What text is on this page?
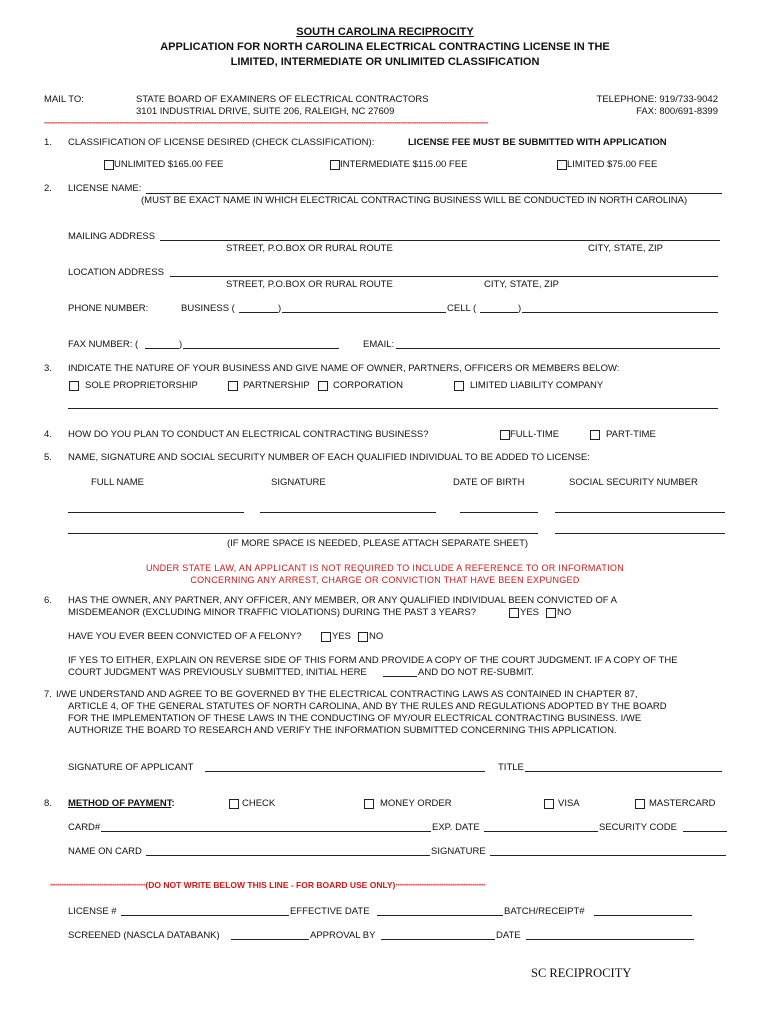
SOUTH CAROLINA RECIPROCITY
APPLICATION FOR NORTH CAROLINA ELECTRICAL CONTRACTING LICENSE IN THE
LIMITED, INTERMEDIATE OR UNLIMITED CLASSIFICATION
MAIL TO:	STATE BOARD OF EXAMINERS OF ELECTRICAL CONTRACTORS
3101 INDUSTRIAL DRIVE, SUITE 206, RALEIGH, NC 27609
TELEPHONE: 919/733-9042
FAX: 800/691-8399
**************************************************************************************************************************************************************************************************************************************************
1. CLASSIFICATION OF LICENSE DESIRED (CHECK CLASSIFICATION):	LICENSE FEE MUST BE SUBMITTED WITH APPLICATION
UNLIMITED $165.00 FEE	INTERMEDIATE $115.00 FEE	LIMITED $75.00 FEE
2. LICENSE NAME:
(MUST BE EXACT NAME IN WHICH ELECTRICAL CONTRACTING BUSINESS WILL BE CONDUCTED IN NORTH CAROLINA)
MAILING ADDRESS
STREET, P.O.BOX OR RURAL ROUTE	CITY, STATE, ZIP
LOCATION ADDRESS
STREET, P.O.BOX OR RURAL ROUTE	CITY, STATE, ZIP
PHONE NUMBER:	BUSINESS (	)	CELL (	)
FAX NUMBER: (	)	EMAIL:
3. INDICATE THE NATURE OF YOUR BUSINESS AND GIVE NAME OF OWNER, PARTNERS, OFFICERS OR MEMBERS BELOW:
SOLE PROPRIETORSHIP	PARTNERSHIP CORPORATION	LIMITED LIABILITY COMPANY
4. HOW DO YOU PLAN TO CONDUCT AN ELECTRICAL CONTRACTING BUSINESS?	FULL-TIME	PART-TIME
5. NAME, SIGNATURE AND SOCIAL SECURITY NUMBER OF EACH QUALIFIED INDIVIDUAL TO BE ADDED TO LICENSE:
FULL NAME	SIGNATURE	DATE OF BIRTH	SOCIAL SECURITY NUMBER
(IF MORE SPACE IS NEEDED, PLEASE ATTACH SEPARATE SHEET)
UNDER STATE LAW, AN APPLICANT IS NOT REQUIRED TO INCLUDE A REFERENCE TO OR INFORMATION
CONCERNING ANY ARREST, CHARGE OR CONVICTION THAT HAVE BEEN EXPUNGED
6. HAS THE OWNER, ANY PARTNER, ANY OFFICER, ANY MEMBER, OR ANY QUALIFIED INDIVIDUAL BEEN CONVICTED OF A
MISDEMEANOR (EXCLUDING MINOR TRAFFIC VIOLATIONS) DURING THE PAST 3 YEARS?	YES NO
HAVE YOU EVER BEEN CONVICTED OF A FELONY?	YES NO
IF YES TO EITHER, EXPLAIN ON REVERSE SIDE OF THIS FORM AND PROVIDE A COPY OF THE COURT JUDGMENT. IF A COPY OF THE
COURT JUDGMENT WAS PREVIOUSLY SUBMITTED, INITIAL HERE	AND DO NOT RE-SUBMIT.
7. I/WE UNDERSTAND AND AGREE TO BE GOVERNED BY THE ELECTRICAL CONTRACTING LAWS AS CONTAINED IN CHAPTER 87,
ARTICLE 4, OF THE GENERAL STATUTES OF NORTH CAROLINA, AND BY THE RULES AND REGULATIONS ADOPTED BY THE BOARD
FOR THE IMPLEMENTATION OF THESE LAWS IN THE CONDUCTING OF MY/OUR ELECTRICAL CONTRACTING BUSINESS. I/WE
AUTHORIZE THE BOARD TO RESEARCH AND VERIFY THE INFORMATION SUBMITTED CONCERNING THIS APPLICATION.
SIGNATURE OF APPLICANT	TITLE
8. METHOD OF PAYMENT:	CHECK	MONEY ORDER	VISA	MASTERCARD
CARD#	EXP. DATE	SECURITY CODE
NAME ON CARD	SIGNATURE
****************************************************(DO NOT WRITE BELOW THIS LINE - FOR BOARD USE ONLY)*************************************************
LICENSE #	EFFECTIVE DATE	BATCH/RECEIPT#
SCREENED (NASCLA DATABANK)	APPROVAL BY	DATE
SC RECIPROCITY
